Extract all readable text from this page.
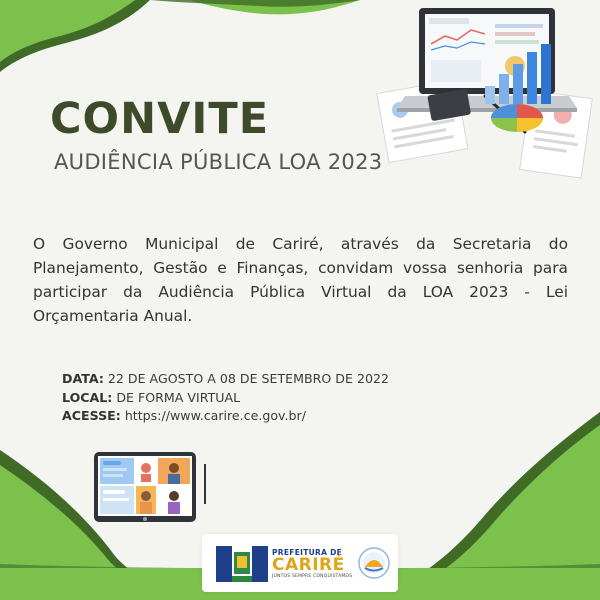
CONVITE
AUDIÊNCIA PÚBLICA LOA 2023

O Governo Municipal de Cariré, através da Secretaria do Planejamento, Gestão e Finanças, convidam vossa senhoria para participar da Audiência Pública Virtual da LOA 2023 - Lei Orçamentaria Anual.

DATA: 22 DE AGOSTO A 08 DE SETEMBRO DE 2022
LOCAL: DE FORMA VIRTUAL
ACESSE: https://www.carire.ce.gov.br/
PREFEITURA DE
CARIRÉ
JUNTOS SEMPRE CONQUISTAMOS
